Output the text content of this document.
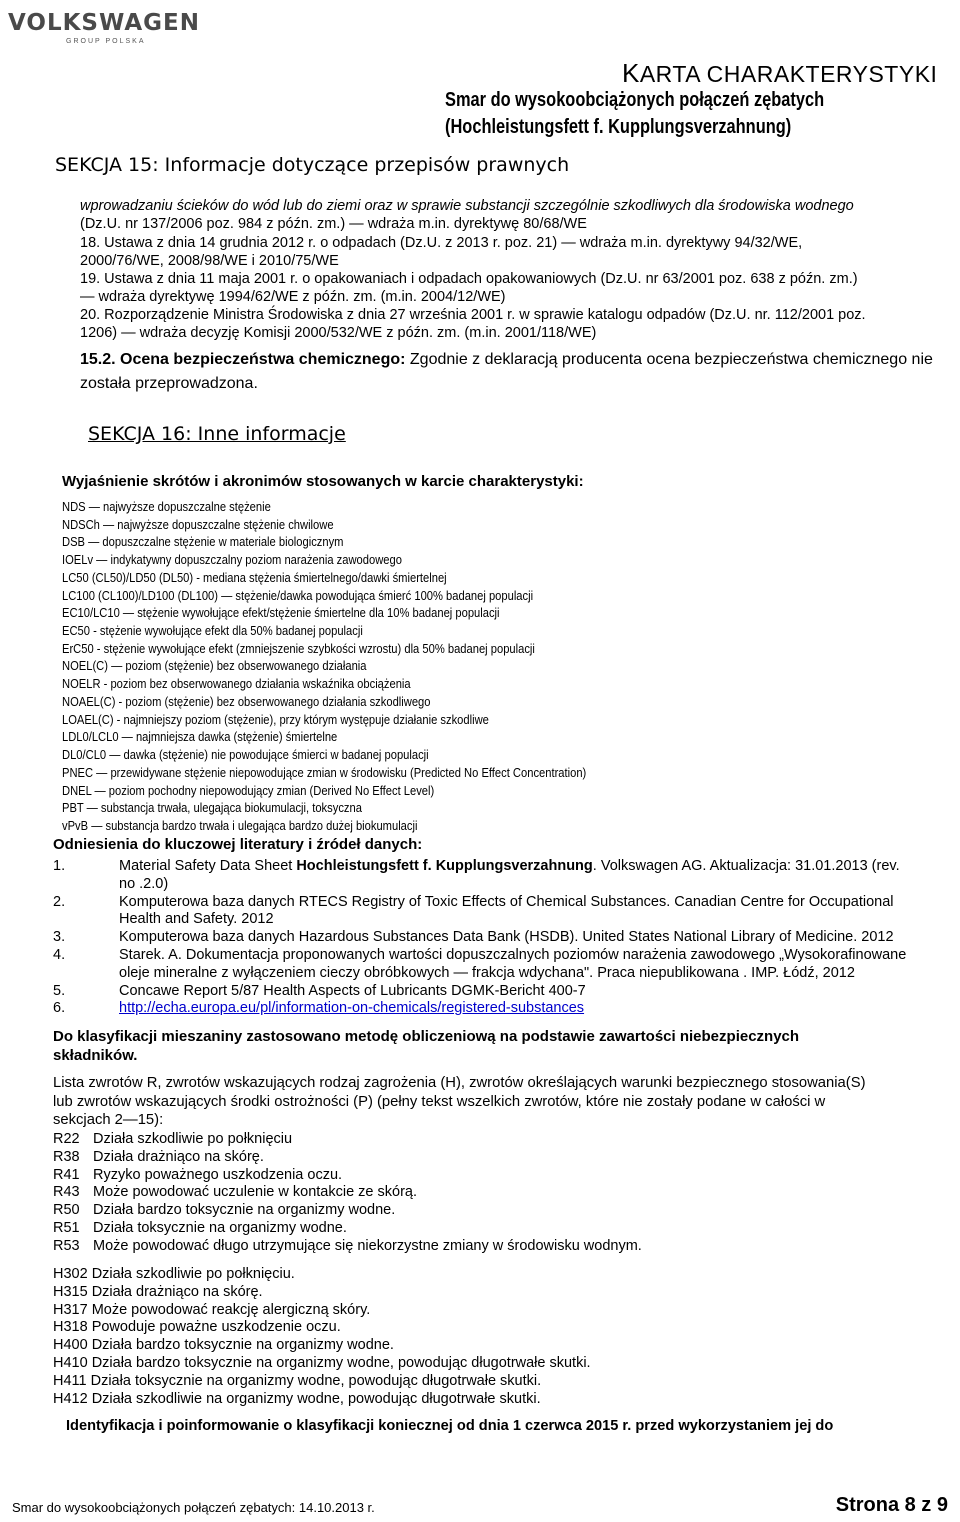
VOLKSWAGEN
GROUP POLSKA
KARTA CHARAKTERYSTYKI
Smar do wysokoobciążonych połączeń zębatych
(Hochleistungsfett f. Kupplungsverzahnung)
SEKCJA 15: Informacje dotyczące przepisów prawnych
wprowadzaniu ścieków do wód lub do ziemi oraz w sprawie substancji szczególnie szkodliwych dla środowiska wodnego
(Dz.U. nr 137/2006 poz. 984 z późn. zm.) — wdraża m.in. dyrektywę 80/68/WE
18. Ustawa z dnia 14 grudnia 2012 r. o odpadach (Dz.U. z 2013 r. poz. 21) — wdraża m.in. dyrektywy 94/32/WE,
2000/76/WE, 2008/98/WE i 2010/75/WE
19. Ustawa z dnia 11 maja 2001 r. o opakowaniach i odpadach opakowaniowych (Dz.U. nr 63/2001 poz. 638 z późn. zm.)
— wdraża dyrektywę 1994/62/WE z późn. zm. (m.in. 2004/12/WE)
20. Rozporządzenie Ministra Środowiska z dnia 27 września 2001 r. w sprawie katalogu odpadów (Dz.U. nr. 112/2001 poz.
1206) — wdraża decyzję Komisji 2000/532/WE z późn. zm. (m.in. 2001/118/WE)
15.2. Ocena bezpieczeństwa chemicznego: Zgodnie z deklaracją producenta ocena bezpieczeństwa chemicznego nie
została przeprowadzona.
SEKCJA 16: Inne informacje
Wyjaśnienie skrótów i akronimów stosowanych w karcie charakterystyki:
NDS — najwyższe dopuszczalne stężenie
NDSCh — najwyższe dopuszczalne stężenie chwilowe
DSB — dopuszczalne stężenie w materiale biologicznym
IOELv — indykatywny dopuszczalny poziom narażenia zawodowego
LC50 (CL50)/LD50 (DL50) - mediana stężenia śmiertelnego/dawki śmiertelnej
LC100 (CL100)/LD100 (DL100) — stężenie/dawka powodująca śmierć 100% badanej populacji
EC10/LC10 — stężenie wywołujące efekt/stężenie śmiertelne dla 10% badanej populacji
EC50 - stężenie wywołujące efekt dla 50% badanej populacji
ErC50 - stężenie wywołujące efekt (zmniejszenie szybkości wzrostu) dla 50% badanej populacji
NOEL(C) — poziom (stężenie) bez obserwowanego działania
NOELR - poziom bez obserwowanego działania wskaźnika obciążenia
NOAEL(C) - poziom (stężenie) bez obserwowanego działania szkodliwego
LOAEL(C) - najmniejszy poziom (stężenie), przy którym występuje działanie szkodliwe
LDL0/LCL0 — najmniejsza dawka (stężenie) śmiertelne
DL0/CL0 — dawka (stężenie) nie powodujące śmierci w badanej populacji
PNEC — przewidywane stężenie niepowodujące zmian w środowisku (Predicted No Effect Concentration)
DNEL — poziom pochodny niepowodujący zmian (Derived No Effect Level)
PBT — substancja trwała, ulegająca biokumulacji, toksyczna
vPvB — substancja bardzo trwała i ulegająca bardzo dużej biokumulacji
Odniesienia do kluczowej literatury i źródeł danych:
1.	Material Safety Data Sheet Hochleistungsfett f. Kupplungsverzahnung. Volkswagen AG. Aktualizacja: 31.01.2013 (rev.
no .2.0)
2.	Komputerowa baza danych RTECS Registry of Toxic Effects of Chemical Substances. Canadian Centre for Occupational
Health and Safety. 2012
3.	Komputerowa baza danych Hazardous Substances Data Bank (HSDB). United States National Library of Medicine. 2012
4.	Starek. A. Dokumentacja proponowanych wartości dopuszczalnych poziomów narażenia zawodowego „Wysokorafinowane
oleje mineralne z wyłączeniem cieczy obróbkowych — frakcja wdychana". Praca niepublikowana . IMP. Łódź, 2012
5.	Concawe Report 5/87 Health Aspects of Lubricants DGMK-Bericht 400-7
6.	http://echa.europa.eu/pl/information-on-chemicals/registered-substances
Do klasyfikacji mieszaniny zastosowano metodę obliczeniową na podstawie zawartości niebezpiecznych
składników.
Lista zwrotów R, zwrotów wskazujących rodzaj zagrożenia (H), zwrotów określających warunki bezpiecznego stosowania(S)
lub zwrotów wskazujących środki ostrożności (P) (pełny tekst wszelkich zwrotów, które nie zostały podane w całości w
sekcjach 2—15):
R22 Działa szkodliwie po połknięciu
R38 Działa drażniąco na skórę.
R41 Ryzyko poważnego uszkodzenia oczu.
R43 Może powodować uczulenie w kontakcie ze skórą.
R50 Działa bardzo toksycznie na organizmy wodne.
R51 Działa toksycznie na organizmy wodne.
R53 Może powodować długo utrzymujące się niekorzystne zmiany w środowisku wodnym.
H302 Działa szkodliwie po połknięciu.
H315 Działa drażniąco na skórę.
H317 Może powodować reakcję alergiczną skóry.
H318 Powoduje poważne uszkodzenie oczu.
H400 Działa bardzo toksycznie na organizmy wodne.
H410 Działa bardzo toksycznie na organizmy wodne, powodując długotrwałe skutki.
H411 Działa toksycznie na organizmy wodne, powodując długotrwałe skutki.
H412 Działa szkodliwie na organizmy wodne, powodując długotrwałe skutki.
Identyfikacja i poinformowanie o klasyfikacji koniecznej od dnia 1 czerwca 2015 r. przed wykorzystaniem jej do
Smar do wysokoobciążonych połączeń zębatych: 14.10.2013 r.	Strona 8 z 9
